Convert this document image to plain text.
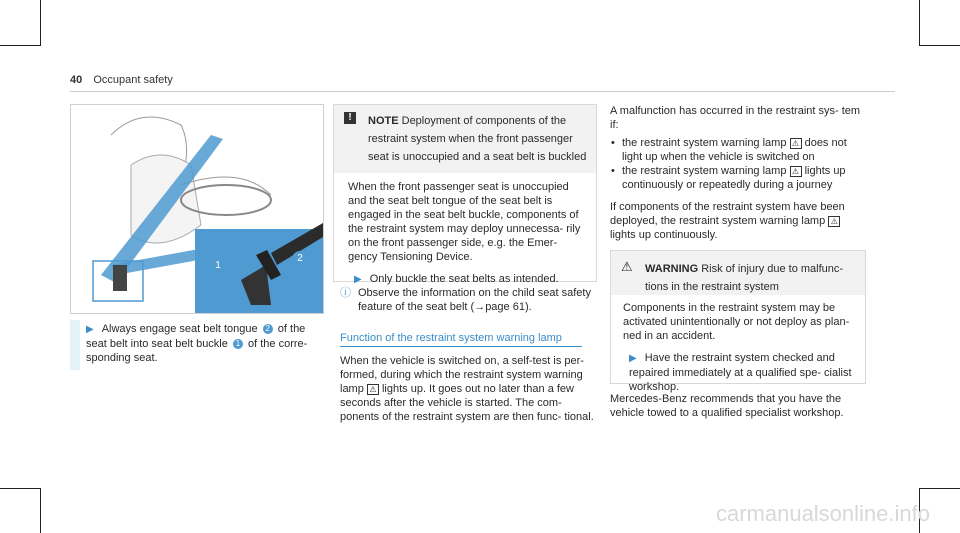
40 Occupant safety
1
2
▶ Always engage seat belt tongue 2 of the seat belt into seat belt buckle 1 of the corre‐ sponding seat.
!	NOTE Deployment of components of the restraint system when the front passenger seat is unoccupied and a seat belt is buckled
When the front passenger seat is unoccupied and the seat belt tongue of the seat belt is engaged in the seat belt buckle, components of the restraint system may deploy unnecessa‐ rily on the front passenger side, e.g. the Emer‐ gency Tensioning Device.
▶ Only buckle the seat belts as intended.
ⓘ Observe the information on the child seat safety feature of the seat belt (→page 61).
Function of the restraint system warning lamp
When the vehicle is switched on, a self-test is per‐ formed, during which the restraint system warning lamp ⚠ lights up. It goes out no later than a few seconds after the vehicle is started. The com‐ ponents of the restraint system are then func‐ tional.
A malfunction has occurred in the restraint sys‐ tem if:
• the restraint system warning lamp ⚠ does not light up when the vehicle is switched on
• the restraint system warning lamp ⚠ lights up continuously or repeatedly during a journey
If components of the restraint system have been deployed, the restraint system warning lamp ⚠ lights up continuously.
⚠ WARNING Risk of injury due to malfunc‐ tions in the restraint system
Components in the restraint system may be activated unintentionally or not deploy as plan‐ ned in an accident.
▶ Have the restraint system checked and repaired immediately at a qualified spe‐ cialist workshop.
Mercedes-Benz recommends that you have the vehicle towed to a qualified specialist workshop.
carmanualsonline.info
